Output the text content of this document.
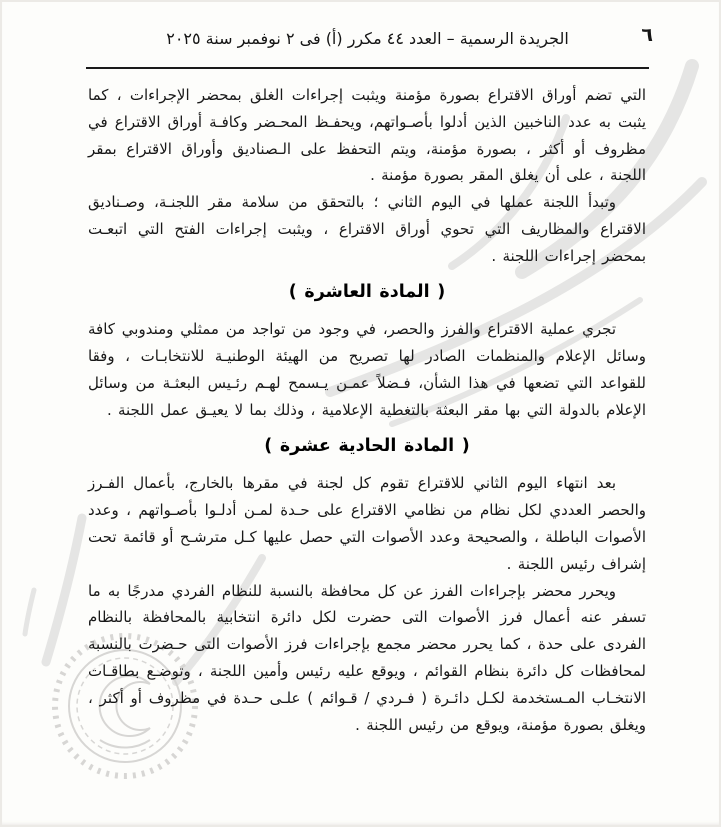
الجريدة الرسمية – العدد ٤٤ مكرر (أ) فى ٢ نوفمبر سنة ٢٠٢٥	٦

التي تضم أوراق الاقتراع بصورة مؤمنة ويثبت إجراءات الغلق بمحضر الإجراءات ، كما يثبت به عدد الناخبين الذين أدلوا بأصـواتهم، ويحفـظ المحـضر وكافـة أوراق الاقتراع في مظروف أو أكثر ، بصورة مؤمنة، ويتم التحفظ على الـصناديق وأوراق الاقتراع بمقر اللجنة ، على أن يغلق المقر بصورة مؤمنة .

وتبدأ اللجنة عملها في اليوم الثاني ؛ بالتحقق من سلامة مقر اللجنـة، وصـناديق الاقتراع والمظاريف التي تحوي أوراق الاقتراع ، ويثبت إجراءات الفتح التي اتبعـت بمحضر إجراءات اللجنة .

( المادة العاشرة )

تجري عملية الاقتراع والفرز والحصر، في وجود من تواجد من ممثلي ومندوبي كافة وسائل الإعلام والمنظمات الصادر لها تصريح من الهيئة الوطنيـة للانتخابـات ، وفقا للقواعد التي تضعها في هذا الشأن، فـضلاً عمـن يـسمح لهـم رئـيس البعثـة من وسائل الإعلام بالدولة التي بها مقر البعثة بالتغطية الإعلامية ، وذلك بما لا يعيـق عمل اللجنة .

( المادة الحادية عشرة )

بعد انتهاء اليوم الثاني للاقتراع تقوم كل لجنة في مقرها بالخارج، بأعمال الفـرز والحصر العددي لكل نظام من نظامي الاقتراع على حـدة لمـن أدلـوا بأصـواتهم ، وعدد الأصوات الباطلة ، والصحيحة وعدد الأصوات التي حصل عليها كـل مترشـح أو قائمة تحت إشراف رئيس اللجنة .

ويحرر محضر بإجراءات الفرز عن كل محافظة بالنسبة للنظام الفردي مدرجًا به ما تسفر عنه أعمال فرز الأصوات التى حضرت لكل دائرة انتخابية بالمحافظة بالنظام الفردى على حدة ، كما يحرر محضر مجمع بإجراءات فرز الأصوات التى حـضرت بالنسبة لمحافظات كل دائرة بنظام القوائم ، ويوقع عليه رئيس وأمين اللجنة ، وتوضـع بطاقـات الانتخـاب المـستخدمة لكـل دائـرة ( فـردي / قـوائم ) علـى حـدة في مظروف أو أكثر ، ويغلق بصورة مؤمنة، ويوقع من رئيس اللجنة .
